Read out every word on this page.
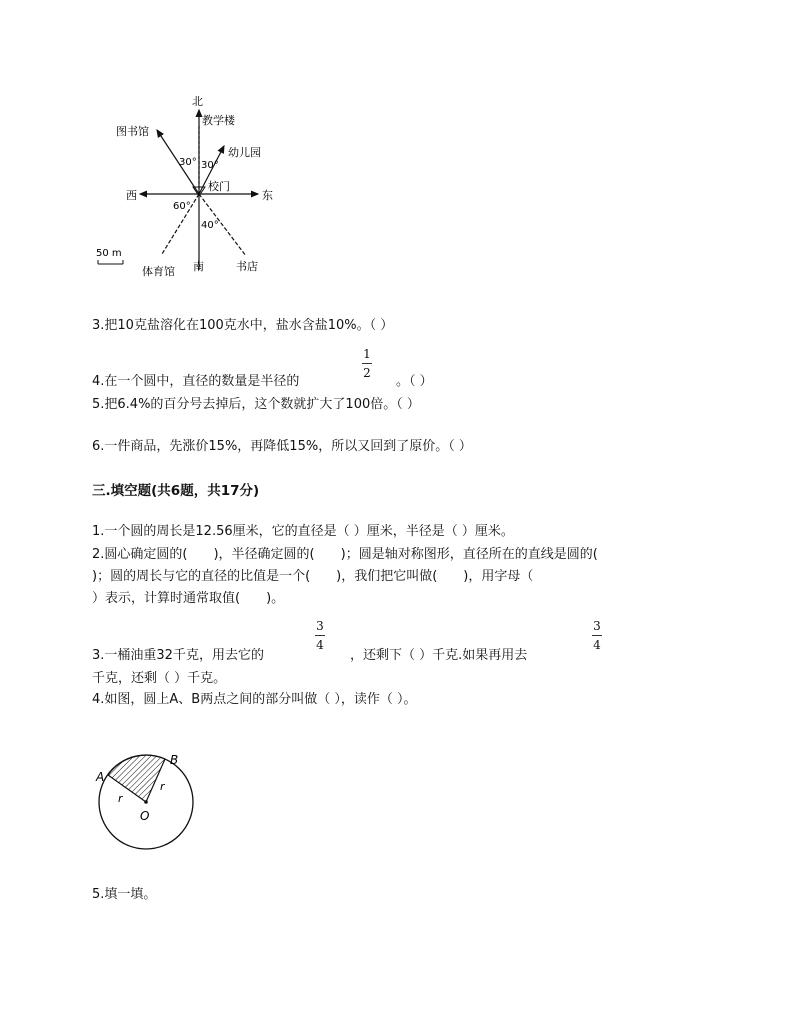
北
教学楼
图书馆
幼儿园
30° 30°
校门
西	东
60°
40°
50 m
体育馆 南	书店
3.把10克盐溶化在100克水中，盐水含盐10%。（ ）
1
2
4.在一个圆中，直径的数量是半径的	。（ ）
5.把6.4%的百分号去掉后，这个数就扩大了100倍。（ ）
6.一件商品，先涨价15%，再降低15%，所以又回到了原价。（ ）
三.填空题(共6题，共17分)
1.一个圆的周长是12.56厘米，它的直径是（ ）厘米，半径是（ ）厘米。
2.圆心确定圆的(　　)，半径确定圆的(　　)；圆是轴对称图形，直径所在的直线是圆的(
)；圆的周长与它的直径的比值是一个(　　)，我们把它叫做(　　)，用字母（
）表示，计算时通常取值(　　)。
3
4
3
4
3.一桶油重32千克，用去它的	，还剩下（ ）千克.如果再用去
千克，还剩（ ）千克。
4.如图，圆上A、B两点之间的部分叫做（ ），读作（ ）。
A
B
r
r
O
5.填一填。
